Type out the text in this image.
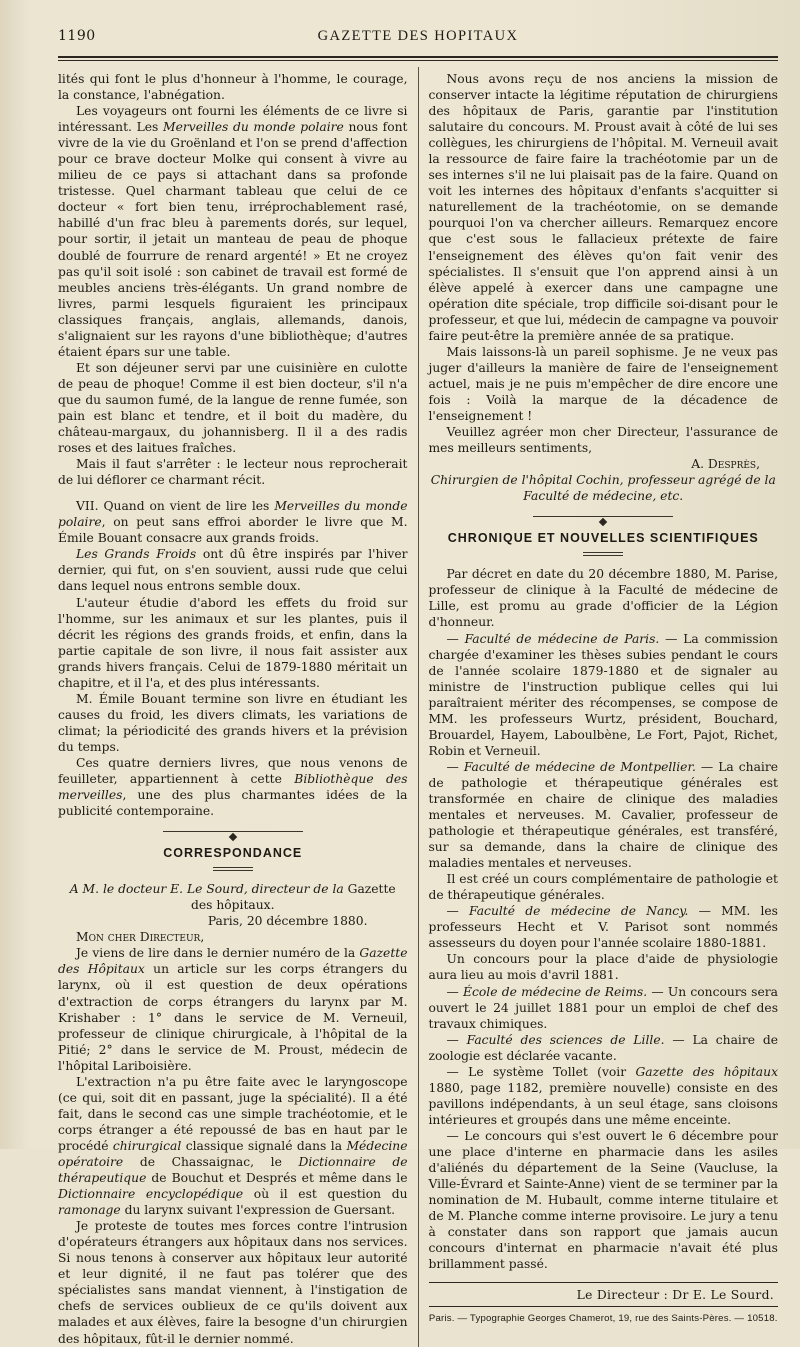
1190	GAZETTE DES HOPITAUX

lités qui font le plus d'honneur à l'homme, le courage, la constance, l'abnégation.

Les voyageurs ont fourni les éléments de ce livre si intéressant. Les Merveilles du monde polaire nous font vivre de la vie du Groënland et l'on se prend d'affection pour ce brave docteur Molke qui consent à vivre au milieu de ce pays si attachant dans sa profonde tristesse. Quel charmant tableau que celui de ce docteur « fort bien tenu, irréprochablement rasé, habillé d'un frac bleu à parements dorés, sur lequel, pour sortir, il jetait un manteau de peau de phoque doublé de fourrure de renard argenté! » Et ne croyez pas qu'il soit isolé : son cabinet de travail est formé de meubles anciens très-élégants. Un grand nombre de livres, parmi lesquels figuraient les principaux classiques français, anglais, allemands, danois, s'alignaient sur les rayons d'une bibliothèque; d'autres étaient épars sur une table.

Et son déjeuner servi par une cuisinière en culotte de peau de phoque! Comme il est bien docteur, s'il n'a que du saumon fumé, de la langue de renne fumée, son pain est blanc et tendre, et il boit du madère, du château-margaux, du johannisberg. Il il a des radis roses et des laitues fraîches.

Mais il faut s'arrêter : le lecteur nous reprocherait de lui déflorer ce charmant récit.

VII. Quand on vient de lire les Merveilles du monde polaire, on peut sans effroi aborder le livre que M. Émile Bouant consacre aux grands froids.

Les Grands Froids ont dû être inspirés par l'hiver dernier, qui fut, on s'en souvient, aussi rude que celui dans lequel nous entrons semble doux.

L'auteur étudie d'abord les effets du froid sur l'homme, sur les animaux et sur les plantes, puis il décrit les régions des grands froids, et enfin, dans la partie capitale de son livre, il nous fait assister aux grands hivers français. Celui de 1879-1880 méritait un chapitre, et il l'a, et des plus intéressants.

M. Émile Bouant termine son livre en étudiant les causes du froid, les divers climats, les variations de climat; la périodicité des grands hivers et la prévision du temps.

Ces quatre derniers livres, que nous venons de feuilleter, appartiennent à cette Bibliothèque des merveilles, une des plus charmantes idées de la publicité contemporaine.

CORRESPONDANCE

A M. le docteur E. Le Sourd, directeur de la Gazette des hôpitaux.

Paris, 20 décembre 1880.

Mon cher Directeur,

Je viens de lire dans le dernier numéro de la Gazette des Hôpitaux un article sur les corps étrangers du larynx, où il est question de deux opérations d'extraction de corps étrangers du larynx par M. Krishaber : 1° dans le service de M. Verneuil, professeur de clinique chirurgicale, à l'hôpital de la Pitié; 2° dans le service de M. Proust, médecin de l'hôpital Lariboisière.

L'extraction n'a pu être faite avec le laryngoscope (ce qui, soit dit en passant, juge la spécialité). Il a été fait, dans le second cas une simple trachéotomie, et le corps étranger a été repoussé de bas en haut par le procédé chirurgical classique signalé dans la Médecine opératoire de Chassaignac, le Dictionnaire de thérapeutique de Bouchut et Després et même dans le Dictionnaire encyclopédique où il est question du ramonage du larynx suivant l'expression de Guersant.

Je proteste de toutes mes forces contre l'intrusion d'opérateurs étrangers aux hôpitaux dans nos services. Si nous tenons à conserver aux hôpitaux leur autorité et leur dignité, il ne faut pas tolérer que des spécialistes sans mandat viennent, à l'instigation de chefs de services oublieux de ce qu'ils doivent aux malades et aux élèves, faire la besogne d'un chirurgien des hôpitaux, fût-il le dernier nommé.

Nous avons reçu de nos anciens la mission de conserver intacte la légitime réputation de chirurgiens des hôpitaux de Paris, garantie par l'institution salutaire du concours. M. Proust avait à côté de lui ses collègues, les chirurgiens de l'hôpital. M. Verneuil avait la ressource de faire faire la trachéotomie par un de ses internes s'il ne lui plaisait pas de la faire. Quand on voit les internes des hôpitaux d'enfants s'acquitter si naturellement de la trachéotomie, on se demande pourquoi l'on va chercher ailleurs. Remarquez encore que c'est sous le fallacieux prétexte de faire l'enseignement des élèves qu'on fait venir des spécialistes. Il s'ensuit que l'on apprend ainsi à un élève appelé à exercer dans une campagne une opération dite spéciale, trop difficile soi-disant pour le professeur, et que lui, médecin de campagne va pouvoir faire peut-être la première année de sa pratique.

Mais laissons-là un pareil sophisme. Je ne veux pas juger d'ailleurs la manière de faire de l'enseignement actuel, mais je ne puis m'empêcher de dire encore une fois : Voilà la marque de la décadence de l'enseignement !

Veuillez agréer mon cher Directeur, l'assurance de mes meilleurs sentiments,

A. Desprès,

Chirurgien de l'hôpital Cochin, professeur agrégé de la Faculté de médecine, etc.

CHRONIQUE ET NOUVELLES SCIENTIFIQUES

Par décret en date du 20 décembre 1880, M. Parise, professeur de clinique à la Faculté de médecine de Lille, est promu au grade d'officier de la Légion d'honneur.

— Faculté de médecine de Paris. — La commission chargée d'examiner les thèses subies pendant le cours de l'année scolaire 1879-1880 et de signaler au ministre de l'instruction publique celles qui lui paraîtraient mériter des récompenses, se compose de MM. les professeurs Wurtz, président, Bouchard, Brouardel, Hayem, Laboulbène, Le Fort, Pajot, Richet, Robin et Verneuil.

— Faculté de médecine de Montpellier. — La chaire de pathologie et thérapeutique générales est transformée en chaire de clinique des maladies mentales et nerveuses. M. Cavalier, professeur de pathologie et thérapeutique générales, est transféré, sur sa demande, dans la chaire de clinique des maladies mentales et nerveuses.

Il est créé un cours complémentaire de pathologie et de thérapeutique générales.

— Faculté de médecine de Nancy. — MM. les professeurs Hecht et V. Parisot sont nommés assesseurs du doyen pour l'année scolaire 1880-1881.

Un concours pour la place d'aide de physiologie aura lieu au mois d'avril 1881.

— École de médecine de Reims. — Un concours sera ouvert le 24 juillet 1881 pour un emploi de chef des travaux chimiques.

— Faculté des sciences de Lille. — La chaire de zoologie est déclarée vacante.

— Le système Tollet (voir Gazette des hôpitaux 1880, page 1182, première nouvelle) consiste en des pavillons indépendants, à un seul étage, sans cloisons intérieures et groupés dans une même enceinte.

— Le concours qui s'est ouvert le 6 décembre pour une place d'interne en pharmacie dans les asiles d'aliénés du département de la Seine (Vaucluse, la Ville-Évrard et Sainte-Anne) vient de se terminer par la nomination de M. Hubault, comme interne titulaire et de M. Planche comme interne provisoire. Le jury a tenu à constater dans son rapport que jamais aucun concours d'internat en pharmacie n'avait été plus brillamment passé.

Le Directeur : Dr E. Le Sourd.
Paris. — Typographie Georges Chamerot, 19, rue des Saints-Pères. — 10518.
